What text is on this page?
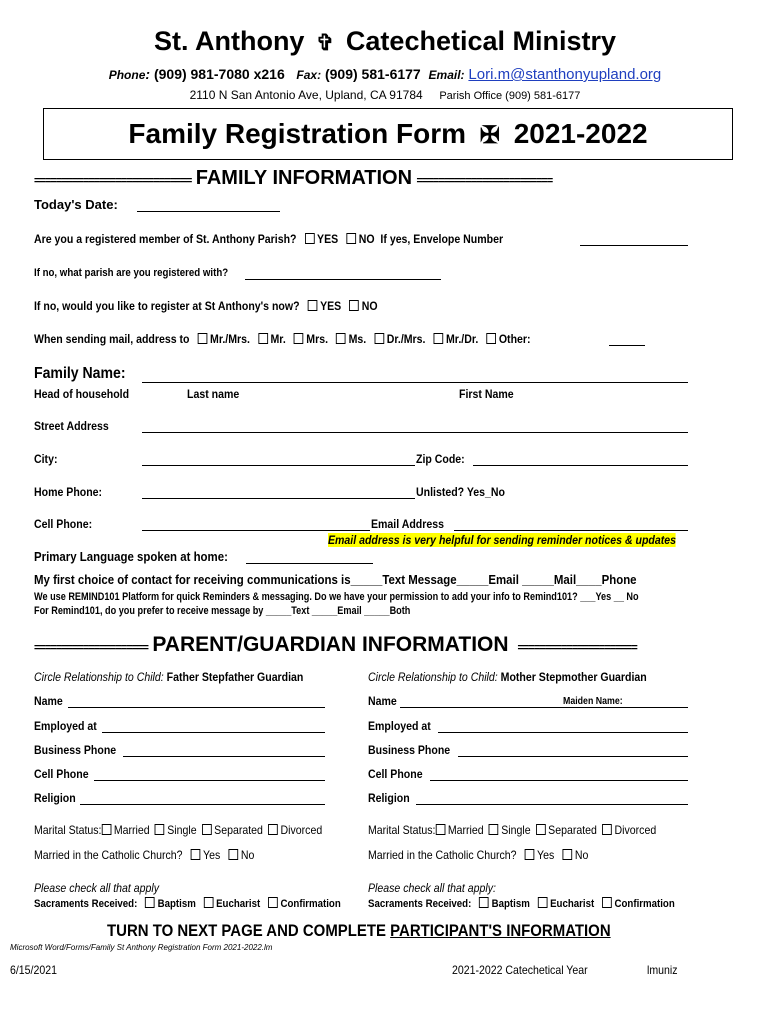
St. Anthony ✞ Catechetical Ministry
Phone: (909) 981-7080 x216 Fax: (909) 581-6177 Email: Lori.m@stanthonyupland.org
2110 N San Antonio Ave, Upland, CA 91784 Parish Office (909) 581-6177
Family Registration Form ✠ 2021-2022
============================= FAMILY INFORMATION =========================
Today's Date:
Are you a registered member of St. Anthony Parish? YES NO If yes, Envelope Number
If no, what parish are you registered with?
If no, would you like to register at St Anthony's now? YES NO
When sending mail, address to Mr./Mrs. Mr. Mrs. Ms. Dr./Mrs. Mr./Dr. Other:
Family Name:
Head of household	Last name	First Name
Street Address
City:	Zip Code:
Home Phone:	Unlisted? Yes_No
Cell Phone:	Email Address
Email address is very helpful for sending reminder notices & updates
Primary Language spoken at home:
My first choice of contact for receiving communications is_____Text Message_____Email _____Mail____Phone
We use REMIND101 Platform for quick Reminders & messaging. Do we have your permission to add your info to Remind101? ___Yes __ No
For Remind101, do you prefer to receive message by _____Text _____Email _____Both
===================== PARENT/GUARDIAN INFORMATION ======================
Circle Relationship to Child: Father Stepfather Guardian
Name
Employed at
Business Phone
Cell Phone
Religion
Marital Status: Married Single Separated Divorced
Married in the Catholic Church? Yes No
Please check all that apply
Sacraments Received: Baptism Eucharist Confirmation
Circle Relationship to Child: Mother Stepmother Guardian
Name	Maiden Name:
Employed at
Business Phone
Cell Phone
Religion
Marital Status: Married Single Separated Divorced
Married in the Catholic Church? Yes No
Please check all that apply:
Sacraments Received: Baptism Eucharist Confirmation
TURN TO NEXT PAGE AND COMPLETE PARTICIPANT'S INFORMATION
Microsoft Word/Forms/Family St Anthony Registration Form 2021-2022.lm
6/15/2021	2021-2022 Catechetical Year	lmuniz
